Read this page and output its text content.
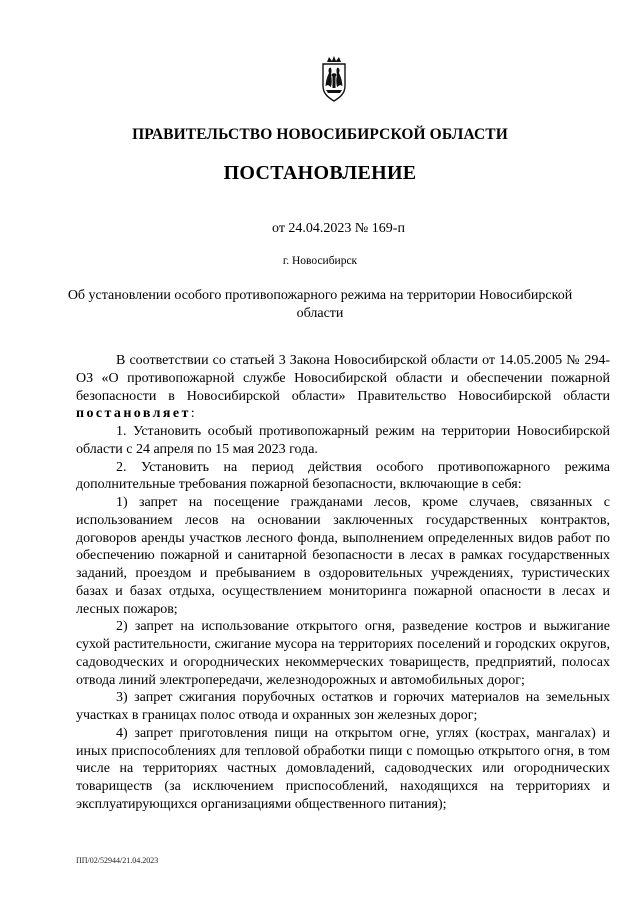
ПРАВИТЕЛЬСТВО НОВОСИБИРСКОЙ ОБЛАСТИ
ПОСТАНОВЛЕНИЕ
от 24.04.2023 № 169-п
г. Новосибирск
Об установлении особого противопожарного режима на территории Новосибирской области

В соответствии со статьей 3 Закона Новосибирской области от 14.05.2005 № 294-ОЗ «О противопожарной службе Новосибирской области и обеспечении пожарной безопасности в Новосибирской области» Правительство Новосибирской области постановляет:

1. Установить особый противопожарный режим на территории Новосибирской области с 24 апреля по 15 мая 2023 года.

2. Установить на период действия особого противопожарного режима дополнительные требования пожарной безопасности, включающие в себя:

1) запрет на посещение гражданами лесов, кроме случаев, связанных с использованием лесов на основании заключенных государственных контрактов, договоров аренды участков лесного фонда, выполнением определенных видов работ по обеспечению пожарной и санитарной безопасности в лесах в рамках государственных заданий, проездом и пребыванием в оздоровительных учреждениях, туристических базах и базах отдыха, осуществлением мониторинга пожарной опасности в лесах и лесных пожаров;

2) запрет на использование открытого огня, разведение костров и выжигание сухой растительности, сжигание мусора на территориях поселений и городских округов, садоводческих и огороднических некоммерческих товариществ, предприятий, полосах отвода линий электропередачи, железнодорожных и автомобильных дорог;

3) запрет сжигания порубочных остатков и горючих материалов на земельных участках в границах полос отвода и охранных зон железных дорог;

4) запрет приготовления пищи на открытом огне, углях (кострах, мангалах) и иных приспособлениях для тепловой обработки пищи с помощью открытого огня, в том числе на территориях частных домовладений, садоводческих или огороднических товариществ (за исключением приспособлений, находящихся на территориях и эксплуатирующихся организациями общественного питания);

ПП/02/52944/21.04.2023
